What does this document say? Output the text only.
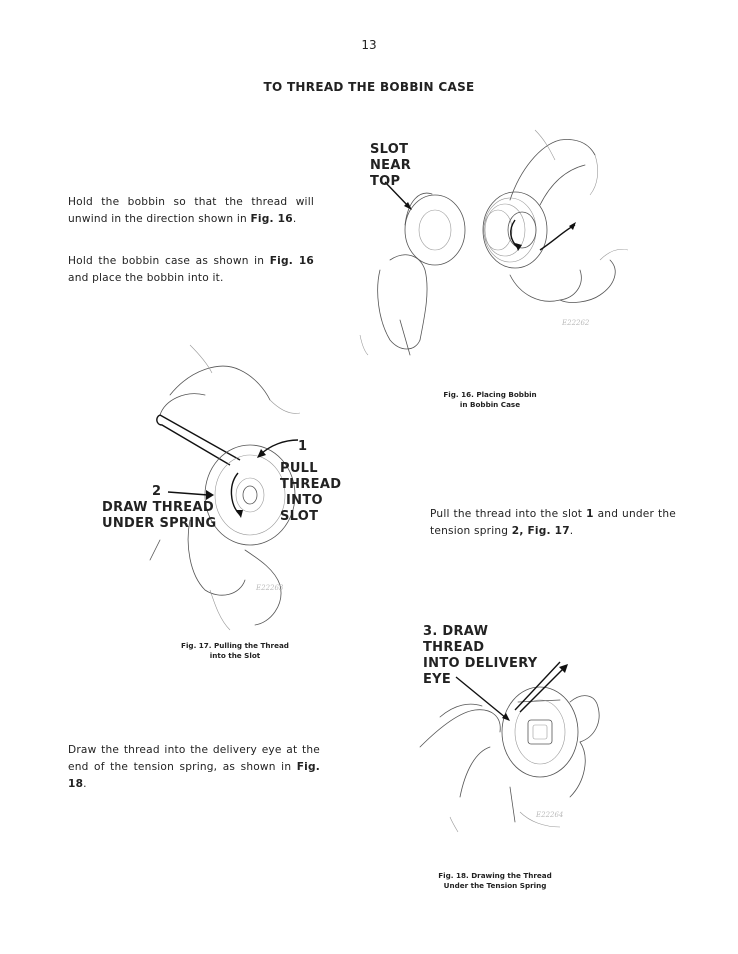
13
TO THREAD THE BOBBIN CASE
Hold the bobbin so that the thread will unwind in the direction shown in Fig. 16.
Hold the bobbin case as shown in Fig. 16 and place the bobbin into it.
Pull the thread into the slot 1 and under the tension spring 2, Fig. 17.
Draw the thread into the delivery eye at the end of the tension spring, as shown in Fig. 18.
E22262
SLOT
NEAR
TOP
Fig. 16. Placing Bobbin
in Bobbin Case
E22263
1
PULL
THREAD
INTO
SLOT
2
DRAW THREAD
UNDER SPRING
Fig. 17. Pulling the Thread
into the Slot
E22264
3. DRAW
THREAD
INTO DELIVERY
EYE
Fig. 18. Drawing the Thread
Under the Tension Spring
